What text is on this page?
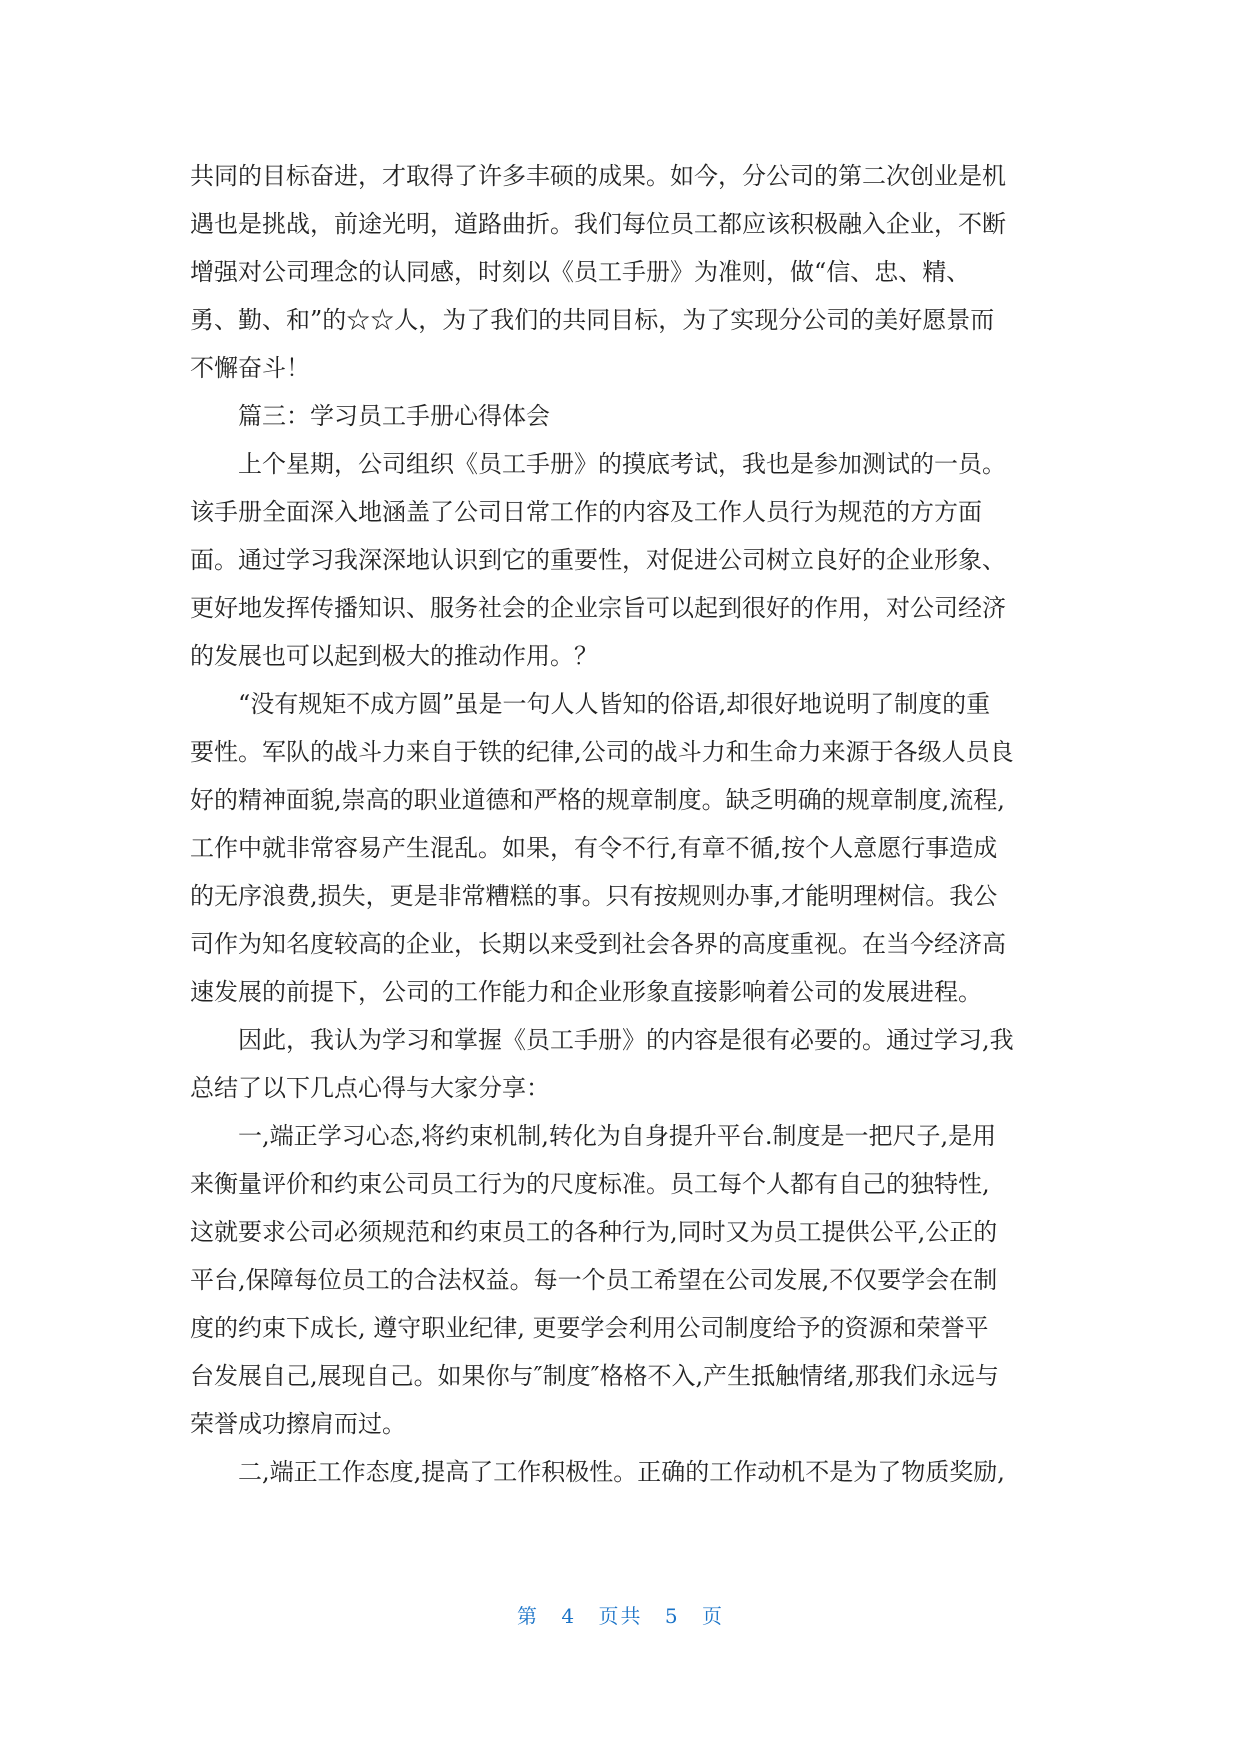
共同的目标奋进，才取得了许多丰硕的成果。如今，分公司的第二次创业是机
遇也是挑战，前途光明，道路曲折。我们每位员工都应该积极融入企业，不断
增强对公司理念的认同感，时刻以《员工手册》为准则，做“信、忠、精、
勇、勤、和”的☆☆人，为了我们的共同目标，为了实现分公司的美好愿景而
不懈奋斗！
篇三：学习员工手册心得体会
上个星期，公司组织《员工手册》的摸底考试，我也是参加测试的一员。
该手册全面深入地涵盖了公司日常工作的内容及工作人员行为规范的方方面
面。通过学习我深深地认识到它的重要性，对促进公司树立良好的企业形象、
更好地发挥传播知识、服务社会的企业宗旨可以起到很好的作用，对公司经济
的发展也可以起到极大的推动作用。？
“没有规矩不成方圆”虽是一句人人皆知的俗语,却很好地说明了制度的重
要性。军队的战斗力来自于铁的纪律,公司的战斗力和生命力来源于各级人员良
好的精神面貌,崇高的职业道德和严格的规章制度。缺乏明确的规章制度,流程,
工作中就非常容易产生混乱。如果，有令不行,有章不循,按个人意愿行事造成
的无序浪费,损失，更是非常糟糕的事。只有按规则办事,才能明理树信。我公
司作为知名度较高的企业，长期以来受到社会各界的高度重视。在当今经济高
速发展的前提下，公司的工作能力和企业形象直接影响着公司的发展进程。
因此，我认为学习和掌握《员工手册》的内容是很有必要的。通过学习,我
总结了以下几点心得与大家分享：
一,端正学习心态,将约束机制,转化为自身提升平台.制度是一把尺子,是用
来衡量评价和约束公司员工行为的尺度标准。员工每个人都有自己的独特性,
这就要求公司必须规范和约束员工的各种行为,同时又为员工提供公平,公正的
平台,保障每位员工的合法权益。每一个员工希望在公司发展,不仅要学会在制
度的约束下成长, 遵守职业纪律, 更要学会利用公司制度给予的资源和荣誉平
台发展自己,展现自己。如果你与″制度″格格不入,产生抵触情绪,那我们永远与
荣誉成功擦肩而过。
二,端正工作态度,提高了工作积极性。正确的工作动机不是为了物质奖励,
第 4 页共 5 页
